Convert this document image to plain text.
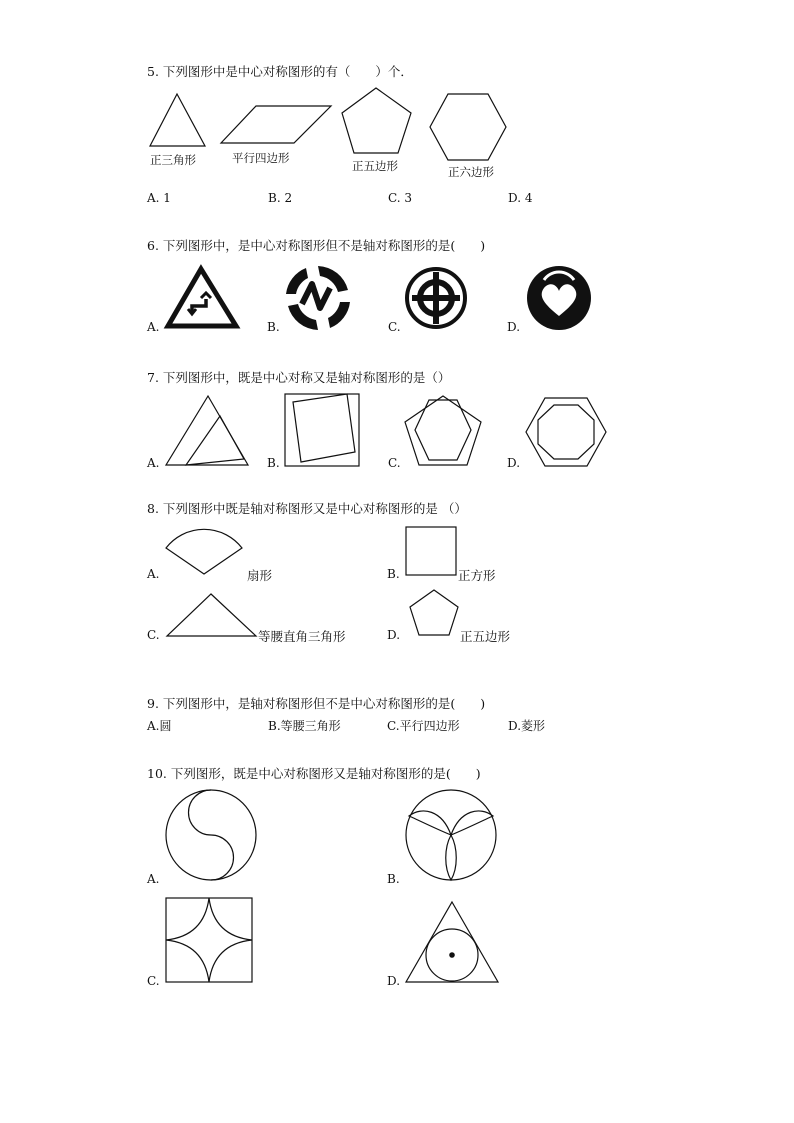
5. 下列图形中是中心对称图形的有（　　）个．
正三角形	平行四边形
正五边形	正六边形
A. 1	B. 2	C. 3	D. 4
6. 下列图形中，是中心对称图形但不是轴对称图形的是(　　)
A.	B.	C.	D.
7. 下列图形中，既是中心对称又是轴对称图形的是（）
A.	B.	C.	D.
8. 下列图形中既是轴对称图形又是中心对称图形的是 （）
A.	扇形	B.	正方形
C.	等腰直角三角形	D.	正五边形
9. 下列图形中，是轴对称图形但不是中心对称图形的是(　　)
A.圆	B.等腰三角形	C.平行四边形	D.菱形
10. 下列图形，既是中心对称图形又是轴对称图形的是(　　)
A.	B.
C.	D.
